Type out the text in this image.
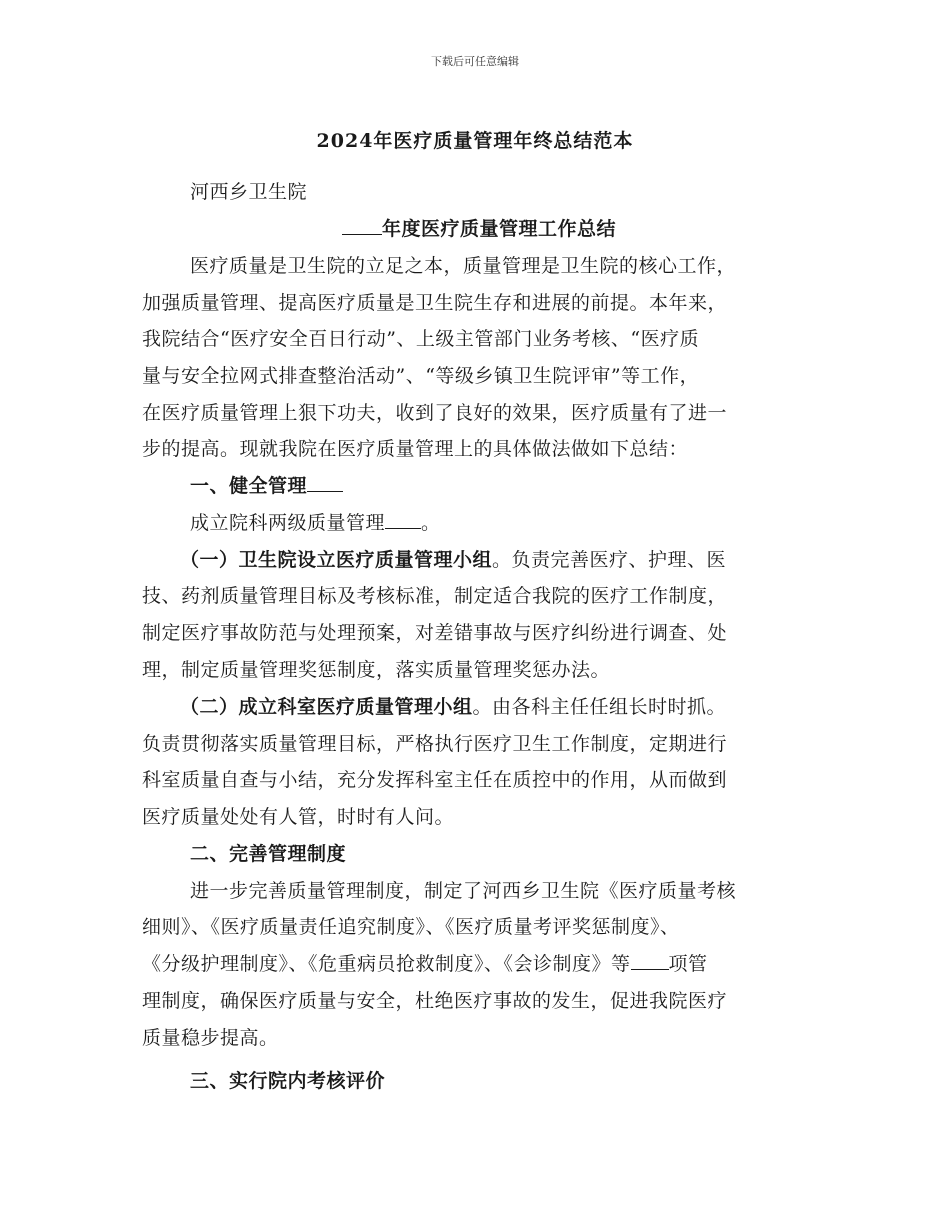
下载后可任意编辑
2024年医疗质量管理年终总结范本
河西乡卫生院
年度医疗质量管理工作总结
医疗质量是卫生院的立足之本，质量管理是卫生院的核心工作，
加强质量管理、提高医疗质量是卫生院生存和进展的前提。本年来，
我院结合“医疗安全百日行动”、上级主管部门业务考核、“医疗质
量与安全拉网式排查整治活动”、“等级乡镇卫生院评审”等工作，
在医疗质量管理上狠下功夫，收到了良好的效果，医疗质量有了进一
步的提高。现就我院在医疗质量管理上的具体做法做如下总结：
一、健全管理
成立院科两级质量管理 。
（一）卫生院设立医疗质量管理小组。负责完善医疗、护理、医
技、药剂质量管理目标及考核标准，制定适合我院的医疗工作制度，
制定医疗事故防范与处理预案，对差错事故与医疗纠纷进行调查、处
理，制定质量管理奖惩制度，落实质量管理奖惩办法。
（二）成立科室医疗质量管理小组。由各科主任任组长时时抓。
负责贯彻落实质量管理目标，严格执行医疗卫生工作制度，定期进行
科室质量自查与小结，充分发挥科室主任在质控中的作用，从而做到
医疗质量处处有人管，时时有人问。
二、完善管理制度
进一步完善质量管理制度，制定了河西乡卫生院《医疗质量考核
细则》、《医疗质量责任追究制度》、《医疗质量考评奖惩制度》、
《分级护理制度》、《危重病员抢救制度》、《会诊制度》等 项管
理制度，确保医疗质量与安全，杜绝医疗事故的发生，促进我院医疗
质量稳步提高。
三、实行院内考核评价
